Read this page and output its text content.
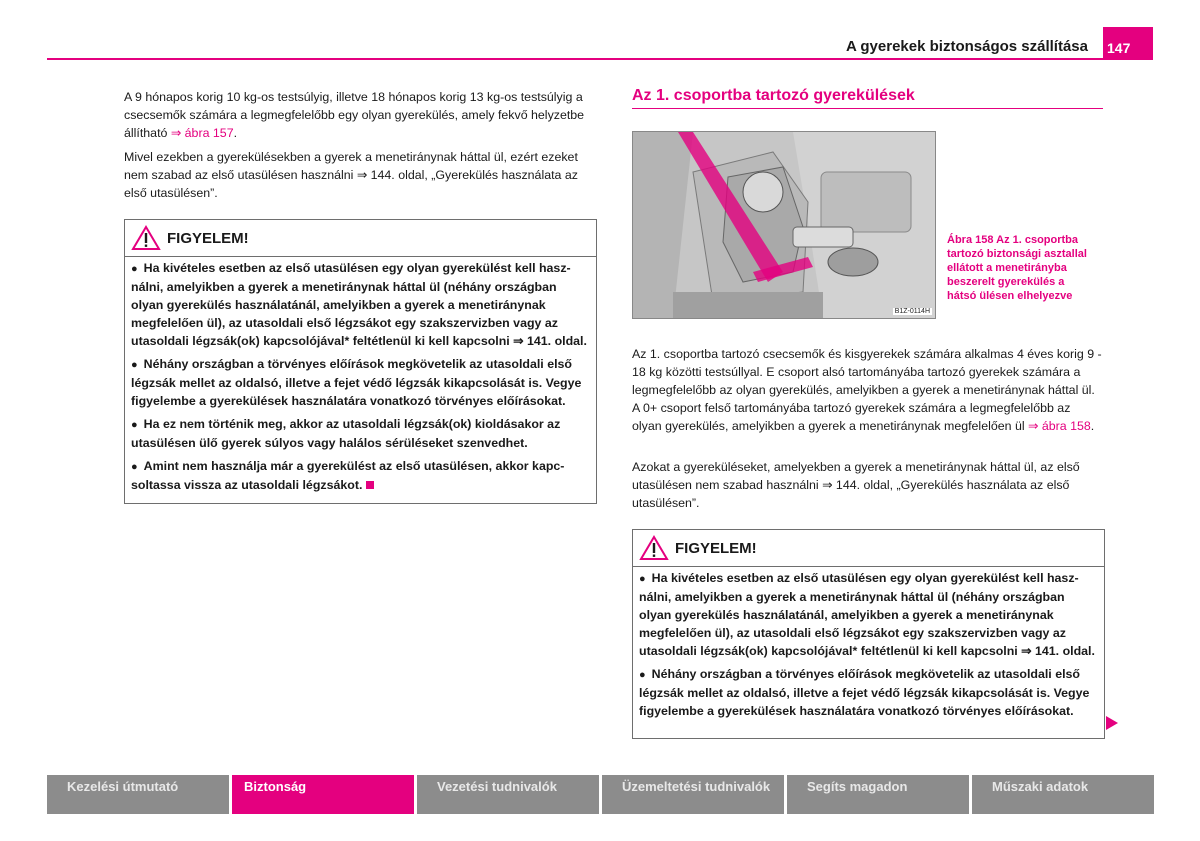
A gyerekek biztonságos szállítása 147

A 9 hónapos korig 10 kg-os testsúlyig, illetve 18 hónapos korig 13 kg-os testsúlyig a csecsemők számára a legmegfelelőbb egy olyan gyerekülés, amely fekvő helyzetbe állítható ⇒ ábra 157.

Mivel ezekben a gyerekülésekben a gyerek a menetiránynak háttal ül, ezért ezeket nem szabad az első utasülésen használni ⇒ 144. oldal, „Gyerekülés használata az első utasülésen”.

FIGYELEM!

● Ha kivételes esetben az első utasülésen egy olyan gyerekülést kell hasz-nálni, amelyikben a gyerek a menetiránynak háttal ül (néhány országban olyan gyerekülés használatánál, amelyikben a gyerek a menetiránynak megfelelően ül), az utasoldali első légzsákot egy szakszervizben vagy az utasoldali légzsák(ok) kapcsolójával* feltétlenül ki kell kapcsolni ⇒ 141. oldal.

● Néhány országban a törvényes előírások megkövetelik az utasoldali első légzsák mellet az oldalsó, illetve a fejet védő légzsák kikapcsolását is. Vegye figyelembe a gyerekülések használatára vonatkozó törvényes előírásokat.

● Ha ez nem történik meg, akkor az utasoldali légzsák(ok) kioldásakor az utasülésen ülő gyerek súlyos vagy halálos sérüléseket szenvedhet.

● Amint nem használja már a gyerekülést az első utasülésen, akkor kapc-soltassa vissza az utasoldali légzsákot.

Az 1. csoportba tartozó gyerekülések
B1Z-0114H

Ábra 158 Az 1. csoportba tartozó biztonsági asztallal ellátott a menetirányba beszerelt gyerekülés a hátsó ülésen elhelyezve

Az 1. csoportba tartozó csecsemők és kisgyerekek számára alkalmas 4 éves korig 9 - 18 kg közötti testsúllyal. E csoport alsó tartományába tartozó gyerekek számára a legmegfelelőbb az olyan gyerekülés, amelyikben a gyerek a menetiránynak háttal ül. A 0+ csoport felső tartományába tartozó gyerekek számára a legmegfelelőbb az olyan gyerekülés, amelyikben a gyerek a menetiránynak megfelelően ül ⇒ ábra 158.

Azokat a gyereküléseket, amelyekben a gyerek a menetiránynak háttal ül, az első utasülésen nem szabad használni ⇒ 144. oldal, „Gyerekülés használata az első utasülésen”.

FIGYELEM!

● Ha kivételes esetben az első utasülésen egy olyan gyerekülést kell hasz-nálni, amelyikben a gyerek a menetiránynak háttal ül (néhány országban olyan gyerekülés használatánál, amelyikben a gyerek a menetiránynak megfelelően ül), az utasoldali első légzsákot egy szakszervizben vagy az utasoldali légzsák(ok) kapcsolójával* feltétlenül ki kell kapcsolni ⇒ 141. oldal.

● Néhány országban a törvényes előírások megkövetelik az utasoldali első légzsák mellet az oldalsó, illetve a fejet védő légzsák kikapcsolását is. Vegye figyelembe a gyerekülések használatára vonatkozó törvényes előírásokat.

Kezelési útmutató	Biztonság	Vezetési tudnivalók	Üzemeltetési tudnivalók	Segíts magadon	Műszaki adatok
